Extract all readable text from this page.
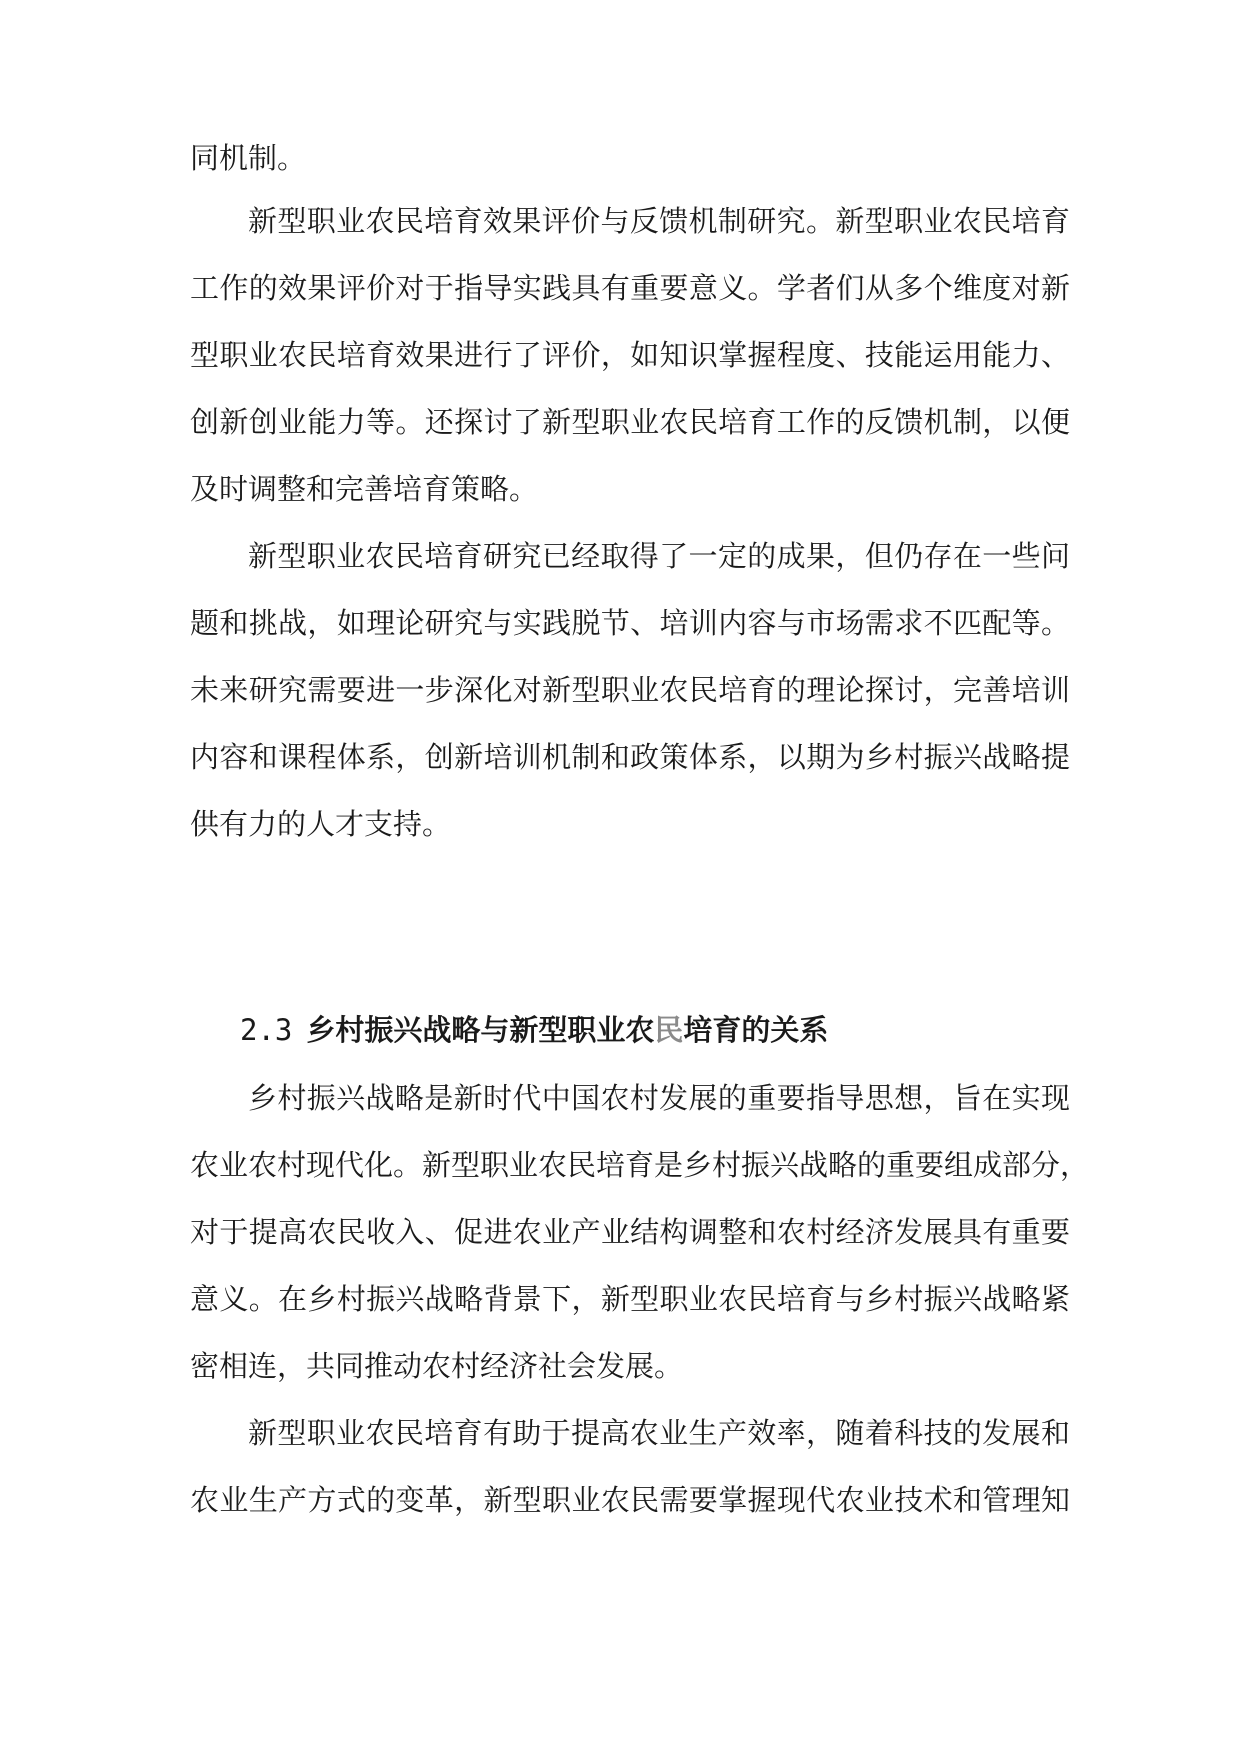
同机制。
新型职业农民培育效果评价与反馈机制研究。新型职业农民培育
工作的效果评价对于指导实践具有重要意义。学者们从多个维度对新
型职业农民培育效果进行了评价，如知识掌握程度、技能运用能力、
创新创业能力等。还探讨了新型职业农民培育工作的反馈机制，以便
及时调整和完善培育策略。
新型职业农民培育研究已经取得了一定的成果，但仍存在一些问
题和挑战，如理论研究与实践脱节、培训内容与市场需求不匹配等。
未来研究需要进一步深化对新型职业农民培育的理论探讨，完善培训
内容和课程体系，创新培训机制和政策体系，以期为乡村振兴战略提
供有力的人才支持。
2.3 乡村振兴战略与新型职业农民培育的关系
乡村振兴战略是新时代中国农村发展的重要指导思想，旨在实现
农业农村现代化。新型职业农民培育是乡村振兴战略的重要组成部分，
对于提高农民收入、促进农业产业结构调整和农村经济发展具有重要
意义。在乡村振兴战略背景下，新型职业农民培育与乡村振兴战略紧
密相连，共同推动农村经济社会发展。
新型职业农民培育有助于提高农业生产效率，随着科技的发展和
农业生产方式的变革，新型职业农民需要掌握现代农业技术和管理知
